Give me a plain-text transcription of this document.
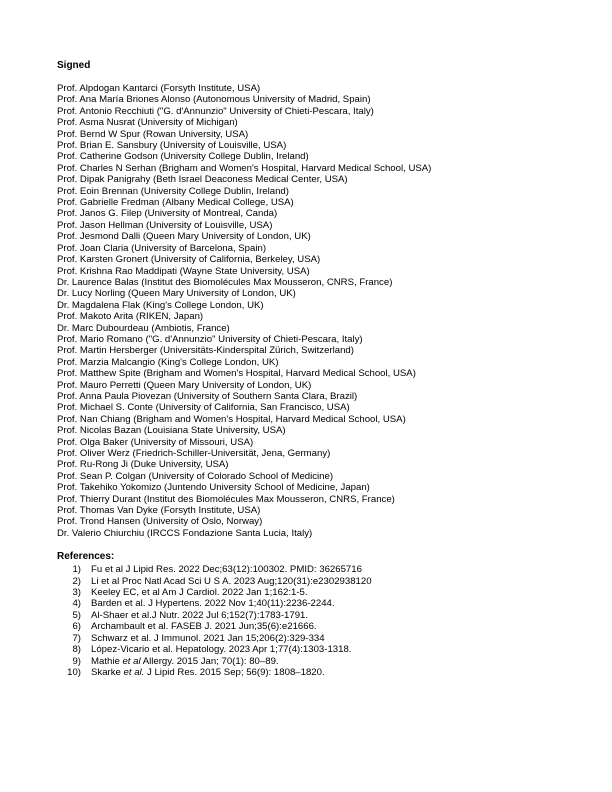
Signed

Prof. Alpdogan Kantarci (Forsyth Institute, USA)
Prof. Ana María Briones Alonso (Autonomous University of Madrid, Spain)
Prof. Antonio Recchiuti ("G. d'Annunzio" University of Chieti-Pescara, Italy)
Prof. Asma Nusrat (University of Michigan)
Prof. Bernd W Spur (Rowan University, USA)
Prof. Brian E. Sansbury (University of Louisville, USA)
Prof. Catherine Godson (University College Dublin, Ireland)
Prof. Charles N Serhan (Brigham and Women's Hospital, Harvard Medical School, USA)
Prof. Dipak Panigrahy (Beth Israel Deaconess Medical Center, USA)
Prof. Eoin Brennan (University College Dublin, Ireland)
Prof. Gabrielle Fredman (Albany Medical College, USA)
Prof. Janos G. Filep (University of Montreal, Canda)
Prof. Jason Hellman (University of Louisville, USA)
Prof. Jesmond Dalli (Queen Mary University of London, UK)
Prof. Joan Claria (University of Barcelona, Spain)
Prof. Karsten Gronert (University of California, Berkeley, USA)
Prof. Krishna Rao Maddipati (Wayne State University, USA)
Dr. Laurence Balas (Institut des Biomolécules Max Mousseron, CNRS, France)
Dr. Lucy Norling (Queen Mary University of London, UK)
Dr. Magdalena Flak (King's College London, UK)
Prof. Makoto Arita (RIKEN, Japan)
Dr. Marc Dubourdeau (Ambiotis, France)
Prof. Mario Romano ("G. d'Annunzio" University of Chieti-Pescara, Italy)
Prof. Martin Hersberger (Universitäts-Kinderspital Zürich, Switzerland)
Prof. Marzia Malcangio (King's College London, UK)
Prof. Matthew Spite (Brigham and Women's Hospital, Harvard Medical School, USA)
Prof. Mauro Perretti (Queen Mary University of London, UK)
Prof. Anna Paula Piovezan (University of Southern Santa Clara, Brazil)
Prof. Michael S. Conte (University of California, San Francisco, USA)
Prof. Nan Chiang (Brigham and Women's Hospital, Harvard Medical School, USA)
Prof. Nicolas Bazan (Louisiana State University, USA)
Prof. Olga Baker (University of Missouri, USA)
Prof. Oliver Werz (Friedrich-Schiller-Universität, Jena, Germany)
Prof. Ru-Rong Ji (Duke University, USA)
Prof. Sean P. Colgan (University of Colorado School of Medicine)
Prof. Takehiko Yokomizo (Juntendo University School of Medicine, Japan)
Prof. Thierry Durant (Institut des Biomolécules Max Mousseron, CNRS, France)
Prof. Thomas Van Dyke (Forsyth Institute, USA)
Prof. Trond Hansen (University of Oslo, Norway)
Dr. Valerio Chiurchiu (IRCCS Fondazione Santa Lucia, Italy)

References:

1) Fu et al J Lipid Res. 2022 Dec;63(12):100302. PMID: 36265716
2) Li et al Proc Natl Acad Sci U S A. 2023 Aug;120(31):e2302938120
3) Keeley EC, et al Am J Cardiol. 2022 Jan 1;162:1-5.
4) Barden et al. J Hypertens. 2022 Nov 1;40(11):2236-2244.
5) Al-Shaer et al.J Nutr. 2022 Jul 6;152(7):1783-1791.
6) Archambault et al. FASEB J. 2021 Jun;35(6):e21666.
7) Schwarz et al. J Immunol. 2021 Jan 15;206(2):329-334
8) López-Vicario et al. Hepatology. 2023 Apr 1;77(4):1303-1318.
9) Mathie et al Allergy. 2015 Jan; 70(1): 80–89.
10) Skarke et al. J Lipid Res. 2015 Sep; 56(9): 1808–1820.
